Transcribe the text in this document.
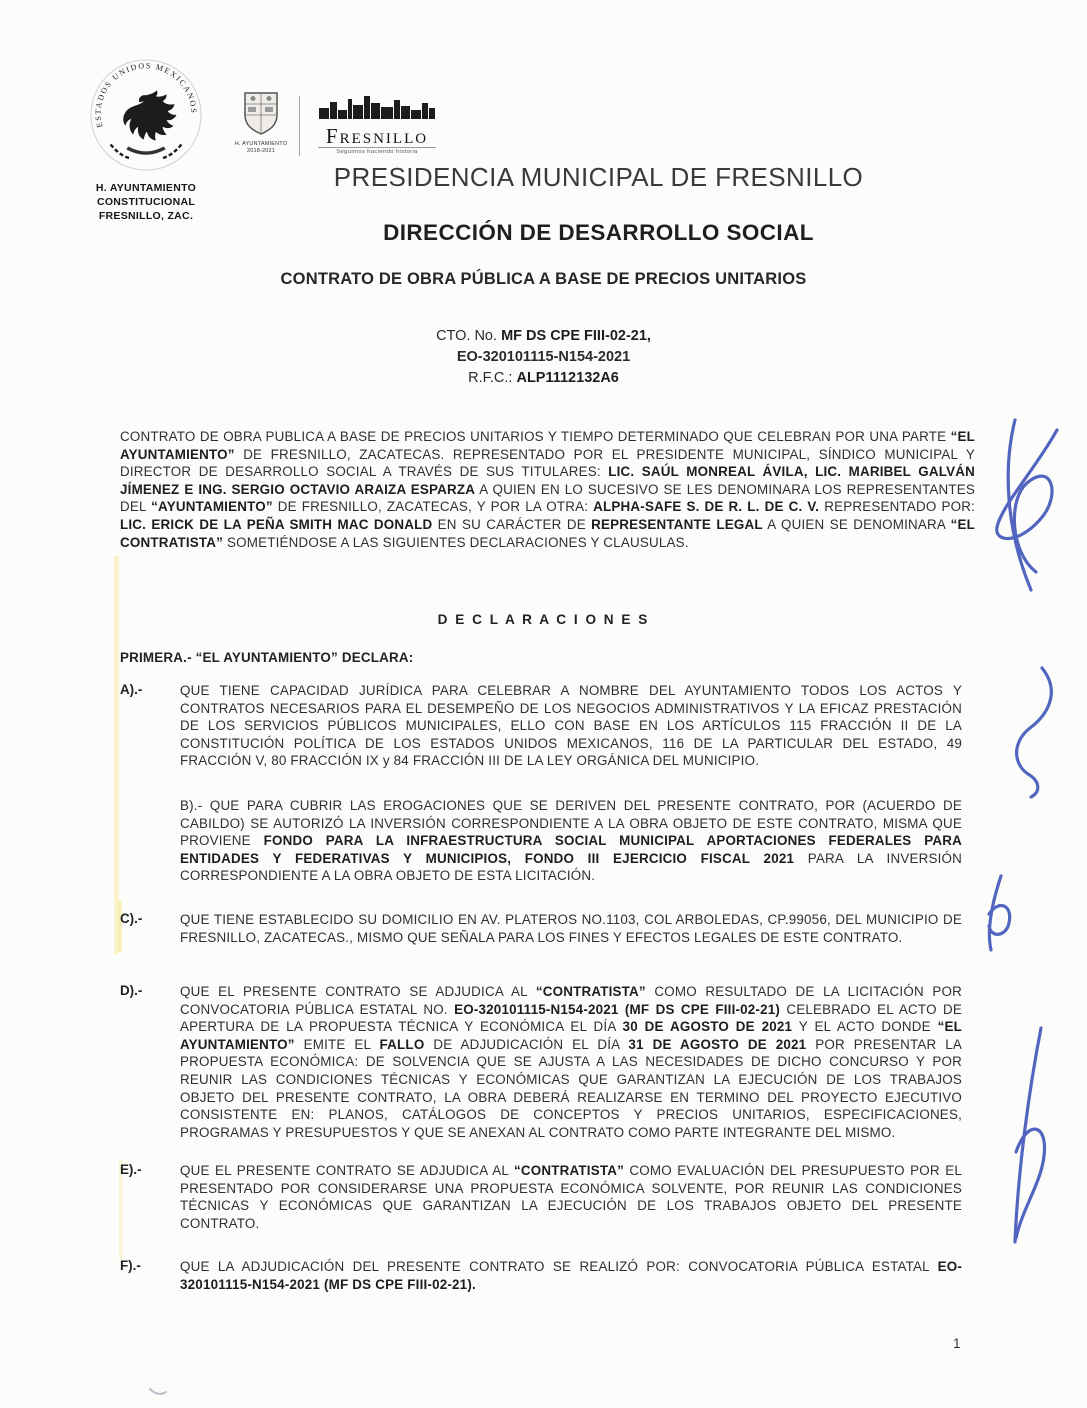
ESTADOS UNIDOS MEXICANOS
H. AYUNTAMIENTO
CONSTITUCIONAL
FRESNILLO, ZAC.
H. AYUNTAMIENTO
2018-2021
Fresnillo
Seguimos haciendo historia
PRESIDENCIA MUNICIPAL DE FRESNILLO
DIRECCIÓN DE DESARROLLO SOCIAL
CONTRATO DE OBRA PÚBLICA A BASE DE PRECIOS UNITARIOS
CTO. No. MF DS CPE FIII-02-21,
EO-320101115-N154-2021
R.F.C.: ALP1112132A6

CONTRATO DE OBRA PUBLICA A BASE DE PRECIOS UNITARIOS Y TIEMPO DETERMINADO QUE CELEBRAN POR UNA PARTE “EL AYUNTAMIENTO” DE FRESNILLO, ZACATECAS. REPRESENTADO POR EL PRESIDENTE MUNICIPAL, SÍNDICO MUNICIPAL Y DIRECTOR DE DESARROLLO SOCIAL A TRAVÉS DE SUS TITULARES: LIC. SAÚL MONREAL ÁVILA, LIC. MARIBEL GALVÁN JÍMENEZ E ING. SERGIO OCTAVIO ARAIZA ESPARZA A QUIEN EN LO SUCESIVO SE LES DENOMINARA LOS REPRESENTANTES DEL “AYUNTAMIENTO” DE FRESNILLO, ZACATECAS, Y POR LA OTRA: ALPHA-SAFE S. DE R. L. DE C. V. REPRESENTADO POR: LIC. ERICK DE LA PEÑA SMITH MAC DONALD EN SU CARÁCTER DE REPRESENTANTE LEGAL A QUIEN SE DENOMINARA “EL CONTRATISTA” SOMETIÉNDOSE A LAS SIGUIENTES DECLARACIONES Y CLAUSULAS.

D E C L A R A C I O N E S
PRIMERA.- “EL AYUNTAMIENTO” DECLARA:
A).-	QUE TIENE CAPACIDAD JURÍDICA PARA CELEBRAR A NOMBRE DEL AYUNTAMIENTO TODOS LOS ACTOS Y CONTRATOS NECESARIOS PARA EL DESEMPEÑO DE LOS NEGOCIOS ADMINISTRATIVOS Y LA EFICAZ PRESTACIÓN DE LOS SERVICIOS PÚBLICOS MUNICIPALES, ELLO CON BASE EN LOS ARTÍCULOS 115 FRACCIÓN II DE LA CONSTITUCIÓN POLÍTICA DE LOS ESTADOS UNIDOS MEXICANOS, 116 DE LA PARTICULAR DEL ESTADO, 49 FRACCIÓN V, 80 FRACCIÓN IX y 84 FRACCIÓN III DE LA LEY ORGÁNICA DEL MUNICIPIO.
B).- QUE PARA CUBRIR LAS EROGACIONES QUE SE DERIVEN DEL PRESENTE CONTRATO, POR (ACUERDO DE CABILDO) SE AUTORIZÓ LA INVERSIÓN CORRESPONDIENTE A LA OBRA OBJETO DE ESTE CONTRATO, MISMA QUE PROVIENE FONDO PARA LA INFRAESTRUCTURA SOCIAL MUNICIPAL APORTACIONES FEDERALES PARA ENTIDADES Y FEDERATIVAS Y MUNICIPIOS, FONDO III EJERCICIO FISCAL 2021 PARA LA INVERSIÓN CORRESPONDIENTE A LA OBRA OBJETO DE ESTA LICITACIÓN.
C).-	QUE TIENE ESTABLECIDO SU DOMICILIO EN AV. PLATEROS NO.1103, COL ARBOLEDAS, CP.99056, DEL MUNICIPIO DE FRESNILLO, ZACATECAS., MISMO QUE SEÑALA PARA LOS FINES Y EFECTOS LEGALES DE ESTE CONTRATO.
D).-	QUE EL PRESENTE CONTRATO SE ADJUDICA AL “CONTRATISTA” COMO RESULTADO DE LA LICITACIÓN POR CONVOCATORIA PÚBLICA ESTATAL NO. EO-320101115-N154-2021 (MF DS CPE FIII-02-21) CELEBRADO EL ACTO DE APERTURA DE LA PROPUESTA TÉCNICA Y ECONÓMICA EL DÍA 30 DE AGOSTO DE 2021 Y EL ACTO DONDE “EL AYUNTAMIENTO” EMITE EL FALLO DE ADJUDICACIÓN EL DÍA 31 DE AGOSTO DE 2021 POR PRESENTAR LA PROPUESTA ECONÓMICA: DE SOLVENCIA QUE SE AJUSTA A LAS NECESIDADES DE DICHO CONCURSO Y POR REUNIR LAS CONDICIONES TÉCNICAS Y ECONÓMICAS QUE GARANTIZAN LA EJECUCIÓN DE LOS TRABAJOS OBJETO DEL PRESENTE CONTRATO, LA OBRA DEBERÁ REALIZARSE EN TERMINO DEL PROYECTO EJECUTIVO CONSISTENTE EN: PLANOS, CATÁLOGOS DE CONCEPTOS Y PRECIOS UNITARIOS, ESPECIFICACIONES, PROGRAMAS Y PRESUPUESTOS Y QUE SE ANEXAN AL CONTRATO COMO PARTE INTEGRANTE DEL MISMO.
E).-	QUE EL PRESENTE CONTRATO SE ADJUDICA AL “CONTRATISTA” COMO EVALUACIÓN DEL PRESUPUESTO POR EL PRESENTADO POR CONSIDERARSE UNA PROPUESTA ECONÓMICA SOLVENTE, POR REUNIR LAS CONDICIONES TÉCNICAS Y ECONÓMICAS QUE GARANTIZAN LA EJECUCIÓN DE LOS TRABAJOS OBJETO DEL PRESENTE CONTRATO.
F).-	QUE LA ADJUDICACIÓN DEL PRESENTE CONTRATO SE REALIZÓ POR: CONVOCATORIA PÚBLICA ESTATAL EO-320101115-N154-2021 (MF DS CPE FIII-02-21).
1
